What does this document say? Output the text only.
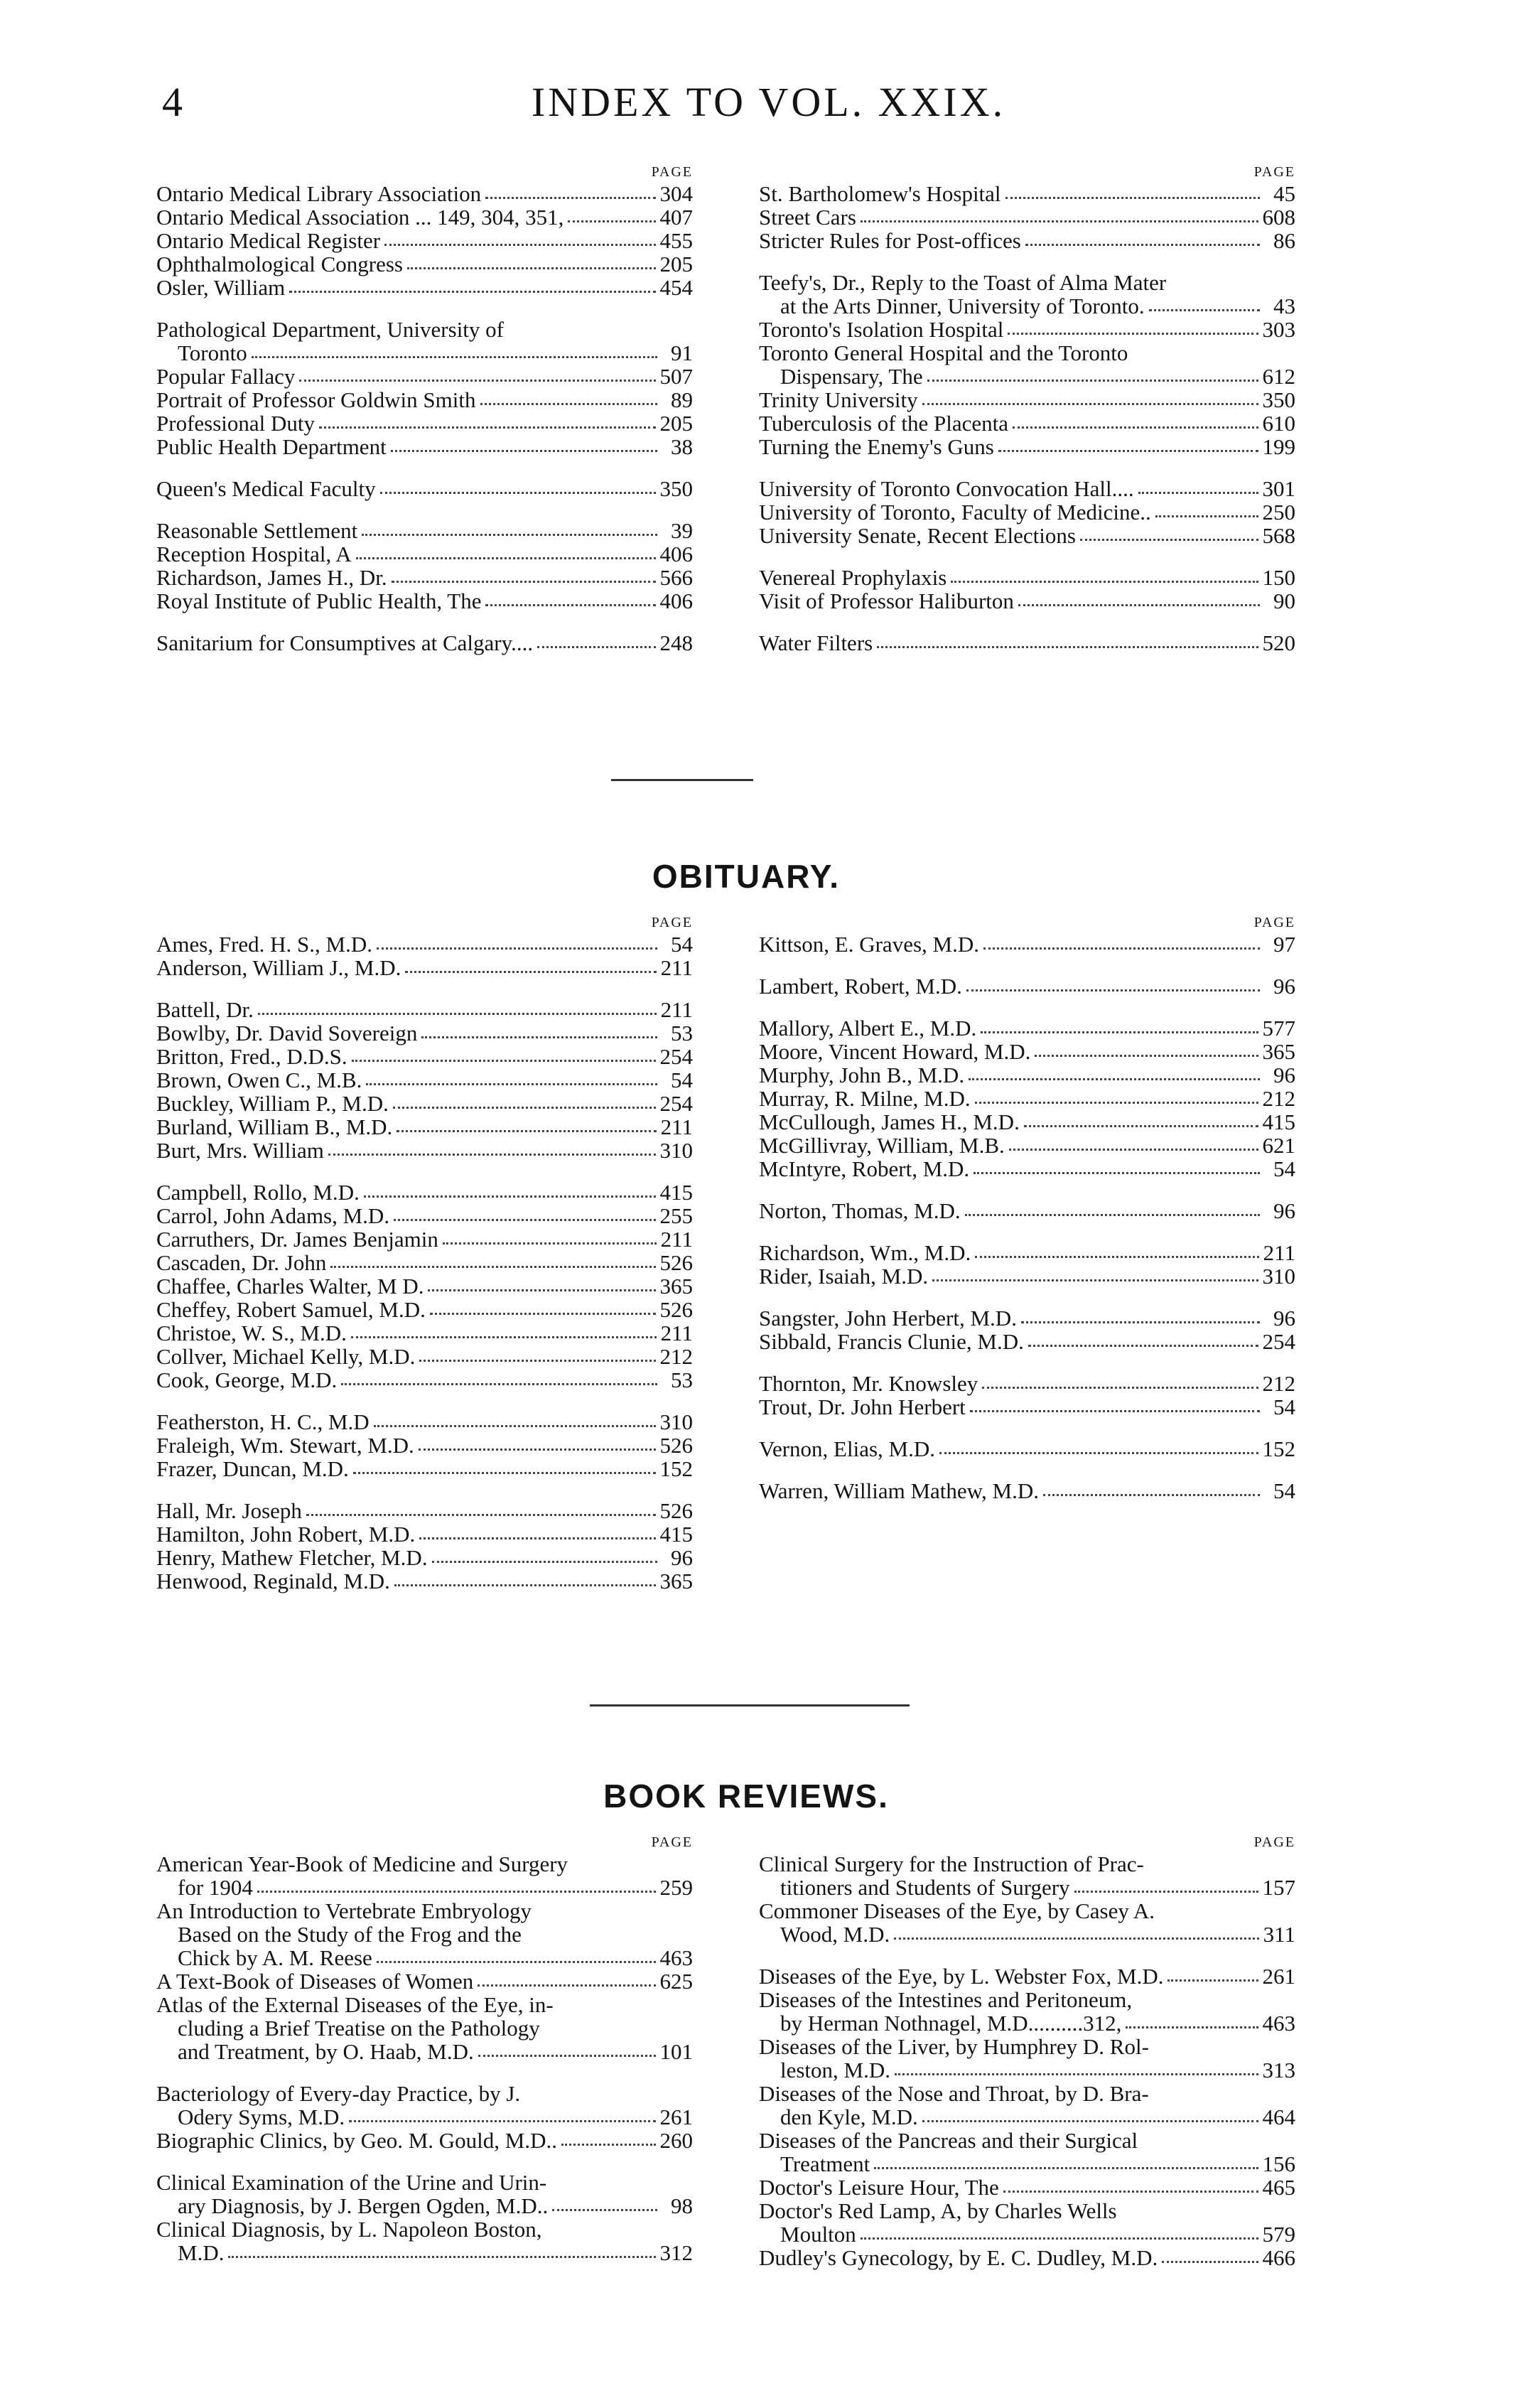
4	INDEX TO VOL. XXIX.
PAGE
Ontario Medical Library Association	304
Ontario Medical Association ... 149, 304, 351,	407
Ontario Medical Register	455
Ophthalmological Congress	205
Osler, William	454
Pathological Department, University of
Toronto	91
Popular Fallacy	507
Portrait of Professor Goldwin Smith	89
Professional Duty	205
Public Health Department	38
Queen's Medical Faculty	350
Reasonable Settlement	39
Reception Hospital, A	406
Richardson, James H., Dr.	566
Royal Institute of Public Health, The	406
Sanitarium for Consumptives at Calgary....	248
PAGE
St. Bartholomew's Hospital	45
Street Cars	608
Stricter Rules for Post-offices	86
Teefy's, Dr., Reply to the Toast of Alma Mater
at the Arts Dinner, University of Toronto.	43
Toronto's Isolation Hospital	303
Toronto General Hospital and the Toronto
Dispensary, The	612
Trinity University	350
Tuberculosis of the Placenta	610
Turning the Enemy's Guns	199
University of Toronto Convocation Hall....	301
University of Toronto, Faculty of Medicine..	250
University Senate, Recent Elections	568
Venereal Prophylaxis	150
Visit of Professor Haliburton	90
Water Filters	520
OBITUARY.
PAGE
Ames, Fred. H. S., M.D.	54
Anderson, William J., M.D.	211
Battell, Dr.	211
Bowlby, Dr. David Sovereign	53
Britton, Fred., D.D.S.	254
Brown, Owen C., M.B.	54
Buckley, William P., M.D.	254
Burland, William B., M.D.	211
Burt, Mrs. William	310
Campbell, Rollo, M.D.	415
Carrol, John Adams, M.D.	255
Carruthers, Dr. James Benjamin	211
Cascaden, Dr. John	526
Chaffee, Charles Walter, M D.	365
Cheffey, Robert Samuel, M.D.	526
Christoe, W. S., M.D.	211
Collver, Michael Kelly, M.D.	212
Cook, George, M.D.	53
Featherston, H. C., M.D	310
Fraleigh, Wm. Stewart, M.D.	526
Frazer, Duncan, M.D.	152
Hall, Mr. Joseph	526
Hamilton, John Robert, M.D.	415
Henry, Mathew Fletcher, M.D.	96
Henwood, Reginald, M.D.	365
PAGE
Kittson, E. Graves, M.D.	97
Lambert, Robert, M.D.	96
Mallory, Albert E., M.D.	577
Moore, Vincent Howard, M.D.	365
Murphy, John B., M.D.	96
Murray, R. Milne, M.D.	212
McCullough, James H., M.D.	415
McGillivray, William, M.B.	621
McIntyre, Robert, M.D.	54
Norton, Thomas, M.D.	96
Richardson, Wm., M.D.	211
Rider, Isaiah, M.D.	310
Sangster, John Herbert, M.D.	96
Sibbald, Francis Clunie, M.D.	254
Thornton, Mr. Knowsley	212
Trout, Dr. John Herbert	54
Vernon, Elias, M.D.	152
Warren, William Mathew, M.D.	54
BOOK REVIEWS.
PAGE
American Year-Book of Medicine and Surgery
for 1904	259
An Introduction to Vertebrate Embryology
Based on the Study of the Frog and the
Chick by A. M. Reese	463
A Text-Book of Diseases of Women	625
Atlas of the External Diseases of the Eye, in-
cluding a Brief Treatise on the Pathology
and Treatment, by O. Haab, M.D.	101
Bacteriology of Every-day Practice, by J.
Odery Syms, M.D.	261
Biographic Clinics, by Geo. M. Gould, M.D..	260
Clinical Examination of the Urine and Urin-
ary Diagnosis, by J. Bergen Ogden, M.D..	98
Clinical Diagnosis, by L. Napoleon Boston,
M.D.	312
PAGE
Clinical Surgery for the Instruction of Prac-
titioners and Students of Surgery	157
Commoner Diseases of the Eye, by Casey A.
Wood, M.D.	311
Diseases of the Eye, by L. Webster Fox, M.D.	261
Diseases of the Intestines and Peritoneum,
by Herman Nothnagel, M.D..........312,	463
Diseases of the Liver, by Humphrey D. Rol-
leston, M.D.	313
Diseases of the Nose and Throat, by D. Bra-
den Kyle, M.D.	464
Diseases of the Pancreas and their Surgical
Treatment	156
Doctor's Leisure Hour, The	465
Doctor's Red Lamp, A, by Charles Wells
Moulton	579
Dudley's Gynecology, by E. C. Dudley, M.D.	466
